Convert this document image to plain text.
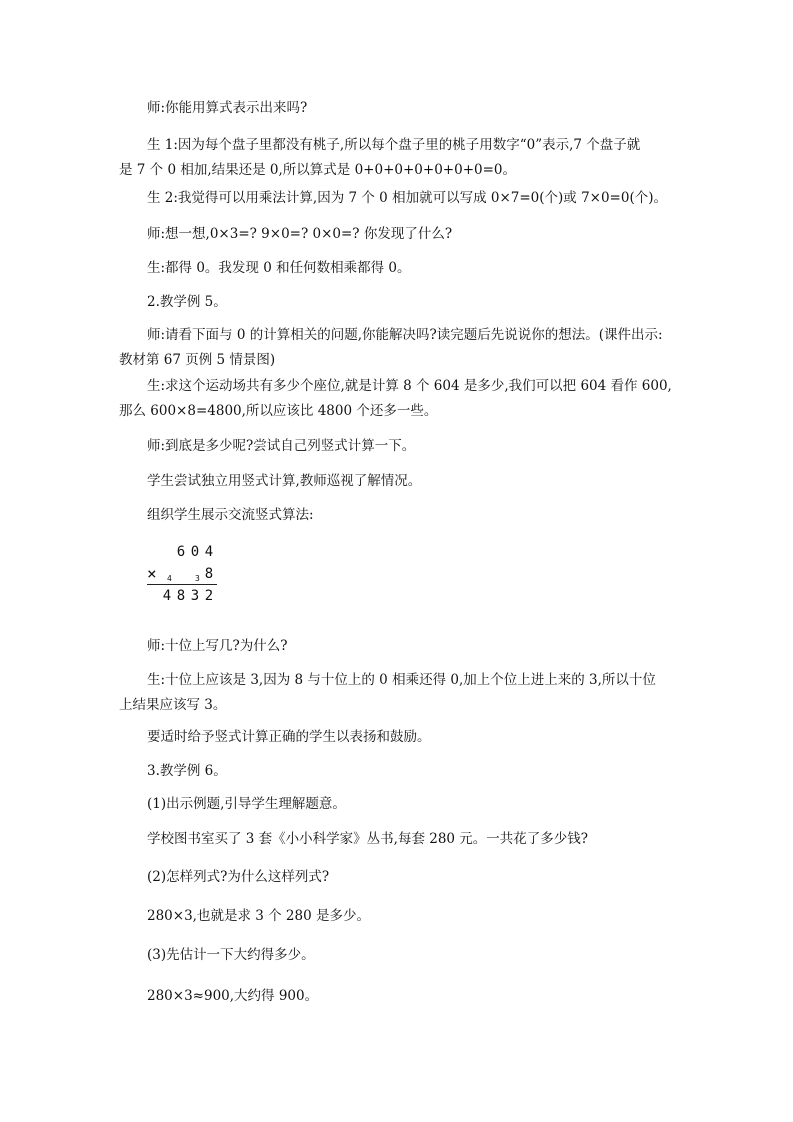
师:你能用算式表示出来吗?

生 1:因为每个盘子里都没有桃子,所以每个盘子里的桃子用数字“0”表示,7 个盘子就
是 7 个 0 相加,结果还是 0,所以算式是 0+0+0+0+0+0+0=0。

生 2:我觉得可以用乘法计算,因为 7 个 0 相加就可以写成 0×7=0(个)或 7×0=0(个)。

师:想一想,0×3=? 9×0=? 0×0=? 你发现了什么?

生:都得 0。我发现 0 和任何数相乘都得 0。

2.教学例 5。

师:请看下面与 0 的计算相关的问题,你能解决吗?读完题后先说说你的想法。(课件出示:
教材第 67 页例 5 情景图)

生:求这个运动场共有多少个座位,就是计算 8 个 604 是多少,我们可以把 604 看作 600,
那么 600×8=4800,所以应该比 4800 个还多一些。

师:到底是多少呢?尝试自己列竖式计算一下。

学生尝试独立用竖式计算,教师巡视了解情况。

组织学生展示交流竖式算法:

6 0 4
× 4	3 8
4 8 3 2

师:十位上写几?为什么?

生:十位上应该是 3,因为 8 与十位上的 0 相乘还得 0,加上个位上进上来的 3,所以十位
上结果应该写 3。

要适时给予竖式计算正确的学生以表扬和鼓励。

3.教学例 6。

(1)出示例题,引导学生理解题意。

学校图书室买了 3 套《小小科学家》丛书,每套 280 元。一共花了多少钱?

(2)怎样列式?为什么这样列式?

280×3,也就是求 3 个 280 是多少。

(3)先估计一下大约得多少。

280×3≈900,大约得 900。
